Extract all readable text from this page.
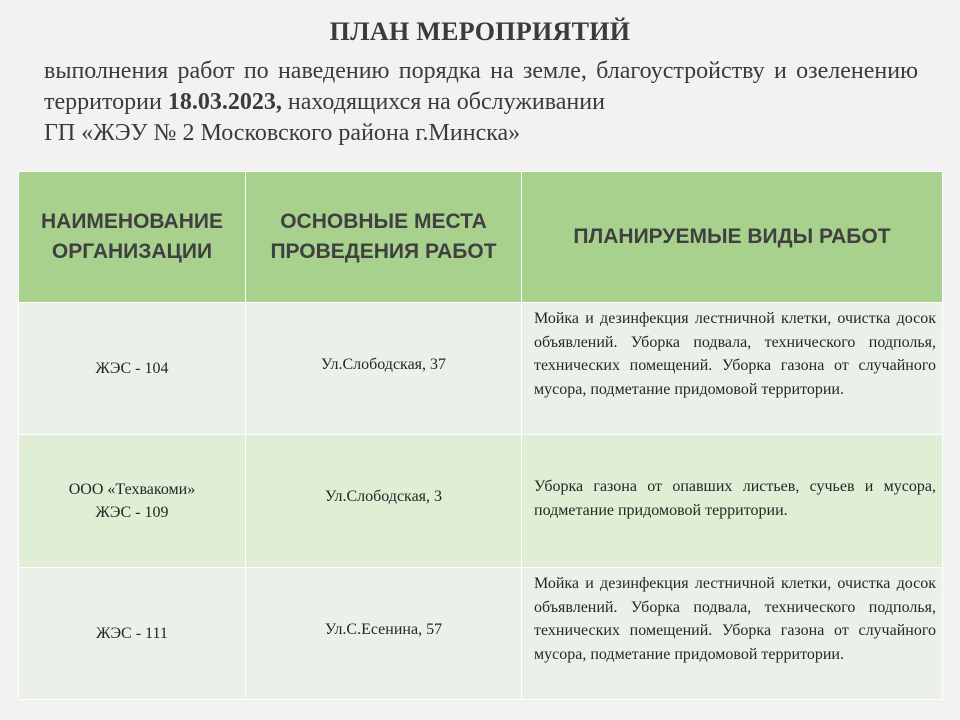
ПЛАН МЕРОПРИЯТИЙ
выполнения работ по наведению порядка на земле, благоустройству и озеленению территории 18.03.2023, находящихся на обслуживании
ГП «ЖЭУ № 2 Московского района г.Минска»
НАИМЕНОВАНИЕ ОРГАНИЗАЦИИ	ОСНОВНЫЕ МЕСТА ПРОВЕДЕНИЯ РАБОТ	ПЛАНИРУЕМЫЕ ВИДЫ РАБОТ
ЖЭС - 104	Ул.Слободская, 37	Мойка и дезинфекция лестничной клетки, очистка досок объявлений. Уборка подвала, технического подполья, технических помещений. Уборка газона от случайного мусора, подметание придомовой территории.

ООО «Техвакоми»
ЖЭС - 109	Ул.Слободская, 3	Уборка газона от опавших листьев, сучьев и мусора, подметание придомовой территории.

ЖЭС - 111	Ул.С.Есенина, 57	Мойка и дезинфекция лестничной клетки, очистка досок объявлений. Уборка подвала, технического подполья, технических помещений. Уборка газона от случайного мусора, подметание придомовой территории.
